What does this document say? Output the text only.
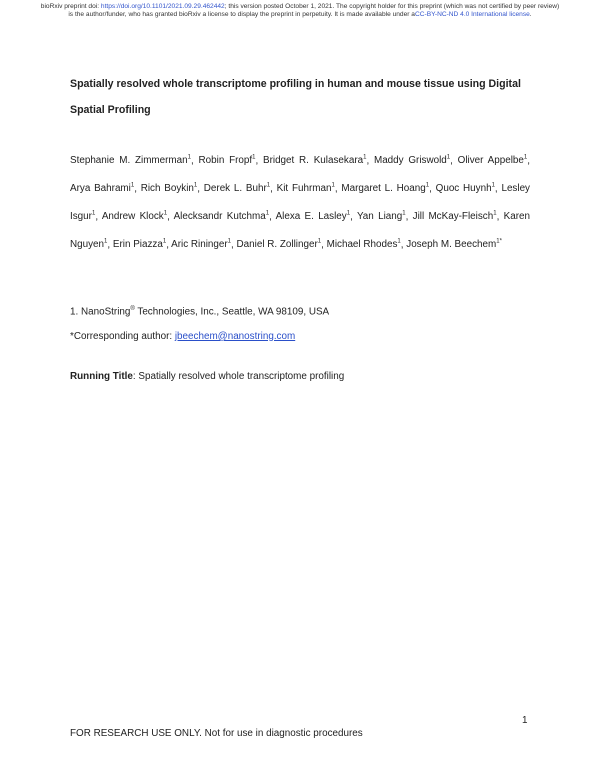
bioRxiv preprint doi: https://doi.org/10.1101/2021.09.29.462442; this version posted October 1, 2021. The copyright holder for this preprint (which was not certified by peer review) is the author/funder, who has granted bioRxiv a license to display the preprint in perpetuity. It is made available under aCC-BY-NC-ND 4.0 International license.
Spatially resolved whole transcriptome profiling in human and mouse tissue using Digital Spatial Profiling
Stephanie M. Zimmerman$^1$, Robin Fropf$^1$, Bridget R. Kulasekara$^1$, Maddy Griswold$^1$, Oliver Appelbe$^1$, Arya Bahrami$^1$, Rich Boykin$^1$, Derek L. Buhr$^1$, Kit Fuhrman$^1$, Margaret L. Hoang$^1$, Quoc Huynh$^1$, Lesley Isgur$^1$, Andrew Klock$^1$, Alecksandr Kutchma$^1$, Alexa E. Lasley$^1$, Yan Liang$^1$, Jill McKay-Fleisch$^1$, Karen Nguyen$^1$, Erin Piazza$^1$, Aric Rininger$^1$, Daniel R. Zollinger$^1$, Michael Rhodes$^1$, Joseph M. Beechem$^{1*}$
1. NanoString® Technologies, Inc., Seattle, WA 98109, USA
*Corresponding author: jbeechem@nanostring.com
Running Title: Spatially resolved whole transcriptome profiling
1
FOR RESEARCH USE ONLY. Not for use in diagnostic procedures
